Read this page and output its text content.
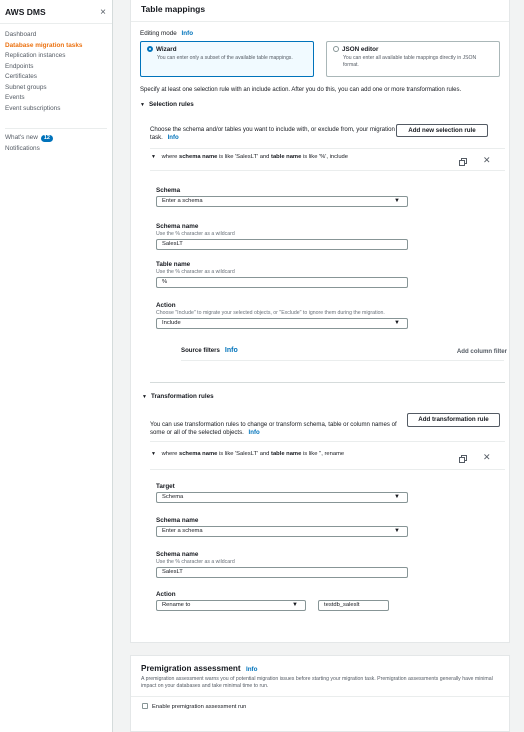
AWS DMS	×
Dashboard
Database migration tasks
Replication instances
Endpoints
Certificates
Subnet groups
Events
Event subscriptions
What's new 12
Notifications
Table mappings
Editing mode Info
Wizard
You can enter only a subset of the available table mappings.
JSON editor
You can enter all available table mappings directly in JSON format.
Specify at least one selection rule with an include action. After you do this, you can add one or more transformation rules.
▼ Selection rules
Choose the schema and/or tables you want to include with, or exclude from, your migration task. Info
Add new selection rule
▼ where schema name is like 'SalesLT' and table name is like '%', include	✕
Schema
Enter a schema	▼
Schema name
Use the % character as a wildcard
SalesLT
Table name
Use the % character as a wildcard
%
Action
Choose "Include" to migrate your selected objects, or "Exclude" to ignore them during the migration.
Include	▼
Source filters Info	Add column filter
▼ Transformation rules
You can use transformation rules to change or transform schema, table or column names of some or all of the selected objects. Info
Add transformation rule
▼ where schema name is like 'SalesLT' and table name is like '', rename	✕
Target
Schema	▼
Schema name
Enter a schema	▼
Schema name
Use the % character as a wildcard
SalesLT
Action
Rename to	▼	testdb_saleslt
Premigration assessment Info
A premigration assessment warns you of potential migration issues before starting your migration task. Premigration assessments generally have minimal impact on your databases and take minimal time to run.
Enable premigration assessment run
